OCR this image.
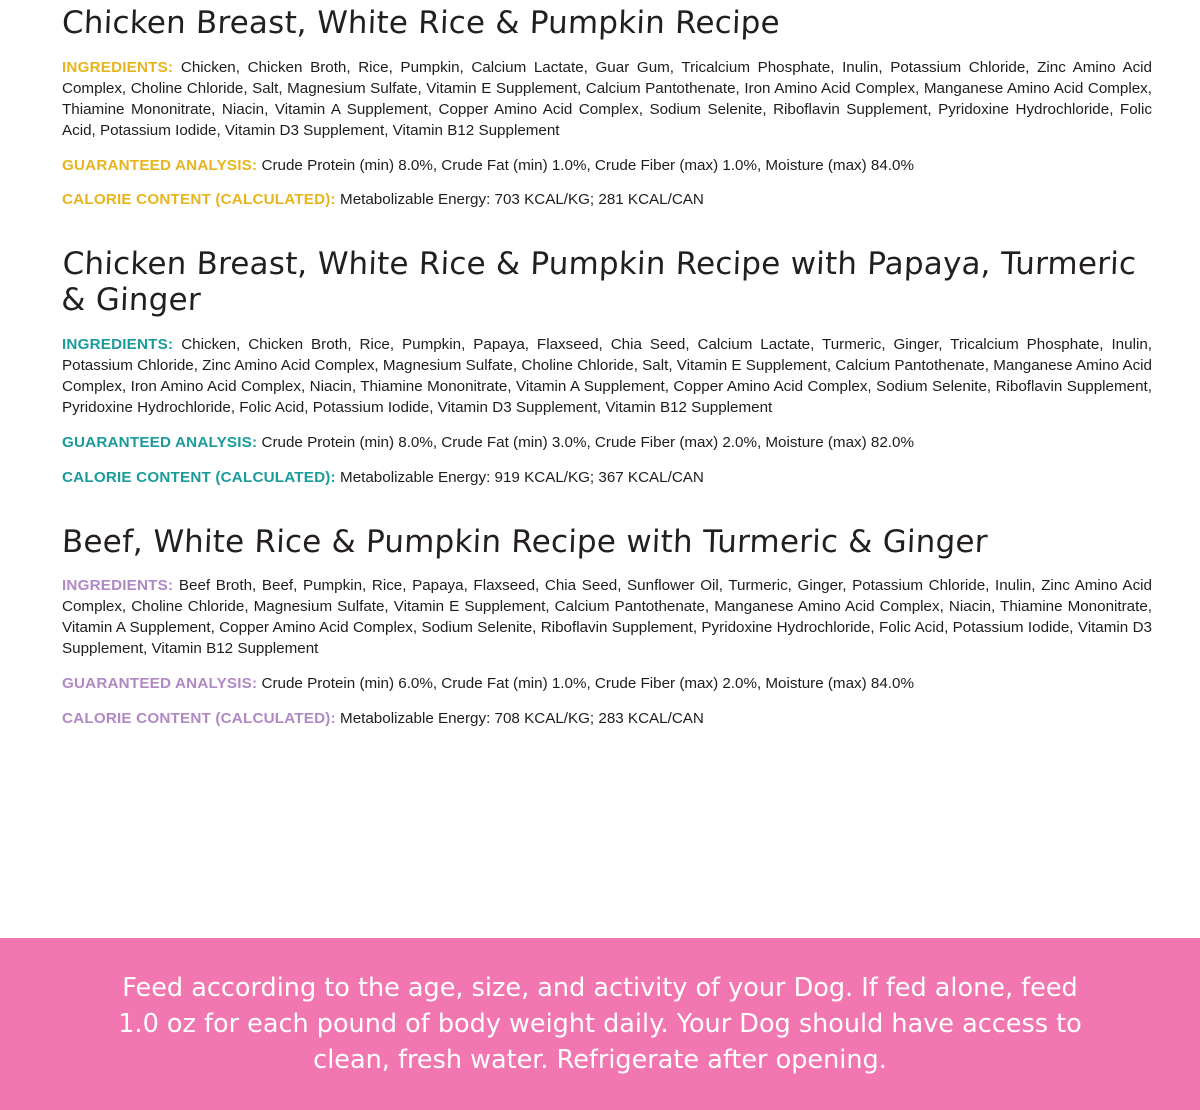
Chicken Breast, White Rice & Pumpkin Recipe

INGREDIENTS: Chicken, Chicken Broth, Rice, Pumpkin, Calcium Lactate, Guar Gum, Tricalcium Phosphate, Inulin, Potassium Chloride, Zinc Amino Acid Complex, Choline Chloride, Salt, Magnesium Sulfate, Vitamin E Supplement, Calcium Pantothenate, Iron Amino Acid Complex, Manganese Amino Acid Complex, Thiamine Mononitrate, Niacin, Vitamin A Supplement, Copper Amino Acid Complex, Sodium Selenite, Riboflavin Supplement, Pyridoxine Hydrochloride, Folic Acid, Potassium Iodide, Vitamin D3 Supplement, Vitamin B12 Supplement

GUARANTEED ANALYSIS: Crude Protein (min) 8.0%, Crude Fat (min) 1.0%, Crude Fiber (max) 1.0%, Moisture (max) 84.0%

CALORIE CONTENT (CALCULATED): Metabolizable Energy: 703 KCAL/KG; 281 KCAL/CAN

Chicken Breast, White Rice & Pumpkin Recipe with Papaya, Turmeric & Ginger

INGREDIENTS: Chicken, Chicken Broth, Rice, Pumpkin, Papaya, Flaxseed, Chia Seed, Calcium Lactate, Turmeric, Ginger, Tricalcium Phosphate, Inulin, Potassium Chloride, Zinc Amino Acid Complex, Magnesium Sulfate, Choline Chloride, Salt, Vitamin E Supplement, Calcium Pantothenate, Manganese Amino Acid Complex, Iron Amino Acid Complex, Niacin, Thiamine Mononitrate, Vitamin A Supplement, Copper Amino Acid Complex, Sodium Selenite, Riboflavin Supplement, Pyridoxine Hydrochloride, Folic Acid, Potassium Iodide, Vitamin D3 Supplement, Vitamin B12 Supplement

GUARANTEED ANALYSIS: Crude Protein (min) 8.0%, Crude Fat (min) 3.0%, Crude Fiber (max) 2.0%, Moisture (max) 82.0%

CALORIE CONTENT (CALCULATED): Metabolizable Energy: 919 KCAL/KG; 367 KCAL/CAN

Beef, White Rice & Pumpkin Recipe with Turmeric & Ginger

INGREDIENTS: Beef Broth, Beef, Pumpkin, Rice, Papaya, Flaxseed, Chia Seed, Sunflower Oil, Turmeric, Ginger, Potassium Chloride, Inulin, Zinc Amino Acid Complex, Choline Chloride, Magnesium Sulfate, Vitamin E Supplement, Calcium Pantothenate, Manganese Amino Acid Complex, Niacin, Thiamine Mononitrate, Vitamin A Supplement, Copper Amino Acid Complex, Sodium Selenite, Riboflavin Supplement, Pyridoxine Hydrochloride, Folic Acid, Potassium Iodide, Vitamin D3 Supplement, Vitamin B12 Supplement

GUARANTEED ANALYSIS: Crude Protein (min) 6.0%, Crude Fat (min) 1.0%, Crude Fiber (max) 2.0%, Moisture (max) 84.0%

CALORIE CONTENT (CALCULATED): Metabolizable Energy: 708 KCAL/KG; 283 KCAL/CAN

Feed according to the age, size, and activity of your Dog. If fed alone, feed 1.0 oz for each pound of body weight daily. Your Dog should have access to clean, fresh water. Refrigerate after opening.
